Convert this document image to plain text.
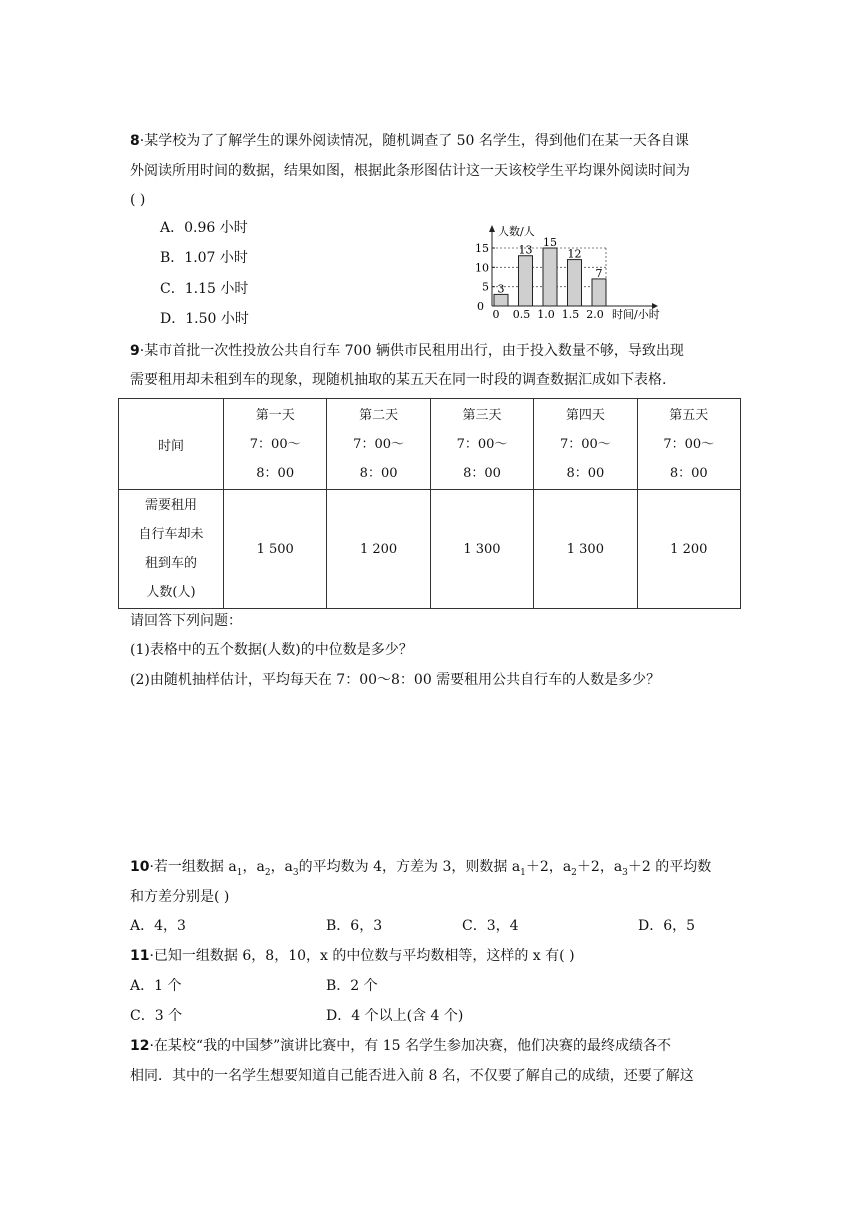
8·某学校为了了解学生的课外阅读情况，随机调查了 50 名学生，得到他们在某一天各自课
外阅读所用时间的数据，结果如图，根据此条形图估计这一天该校学生平均课外阅读时间为
( )
A．0.96 小时
B．1.07 小时
C．1.15 小时
D．1.50 小时
5
10
15
0
3
0
13
0.5
15
1.0
12
1.5
7
2.0
人数/人
时间/小时
9·某市首批一次性投放公共自行车 700 辆供市民租用出行，由于投入数量不够，导致出现
需要租用却未租到车的现象，现随机抽取的某五天在同一时段的调查数据汇成如下表格.
时间	第一天
7：00～
8：00	第二天
7：00～
8：00	第三天
7：00～
8：00	第四天
7：00～
8：00	第五天
7：00～
8：00

需要租用
自行车却未
租到车的
人数(人)	1 500	1 200	1 300	1 300	1 200
请回答下列问题：
(1)表格中的五个数据(人数)的中位数是多少？
(2)由随机抽样估计，平均每天在 7：00～8：00 需要租用公共自行车的人数是多少？
10·若一组数据 $a_1$，$a_2$，$a_3$的平均数为 4，方差为 3，则数据 $a_1+2$，$a_2+2$，$a_3+2$ 的平均数
和方差分别是( )
A．4，3	B．6，3	C．3，4	D．6，5
11·已知一组数据 6，8，10，x 的中位数与平均数相等，这样的 x 有( )
A．1 个	B．2 个
C．3 个	D．4 个以上(含 4 个)
12·在某校“我的中国梦”演讲比赛中，有 15 名学生参加决赛，他们决赛的最终成绩各不
相同．其中的一名学生想要知道自己能否进入前 8 名，不仅要了解自己的成绩，还要了解这
